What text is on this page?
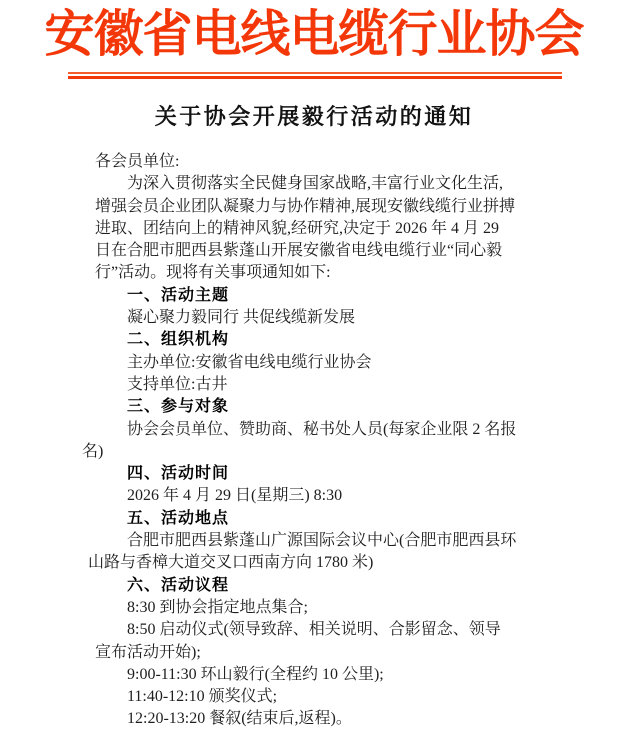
安徽省电线电缆行业协会
关于协会开展毅行活动的通知
各会员单位:
为深入贯彻落实全民健身国家战略,丰富行业文化生活,
增强会员企业团队凝聚力与协作精神,展现安徽线缆行业拼搏
进取、团结向上的精神风貌,经研究,决定于 2026 年 4 月 29
日在合肥市肥西县紫蓬山开展安徽省电线电缆行业“同心毅
行”活动。现将有关事项通知如下:
一、活动主题
凝心聚力毅同行 共促线缆新发展
二、组织机构
主办单位:安徽省电线电缆行业协会
支持单位:古井
三、参与对象
协会会员单位、赞助商、秘书处人员(每家企业限 2 名报
名)
四、活动时间
2026 年 4 月 29 日(星期三) 8:30
五、活动地点
合肥市肥西县紫蓬山广源国际会议中心(合肥市肥西县环
山路与香樟大道交叉口西南方向 1780 米)
六、活动议程
8:30 到协会指定地点集合;
8:50 启动仪式(领导致辞、相关说明、合影留念、领导
宣布活动开始);
9:00-11:30 环山毅行(全程约 10 公里);
11:40-12:10 颁奖仪式;
12:20-13:20 餐叙(结束后,返程)。
